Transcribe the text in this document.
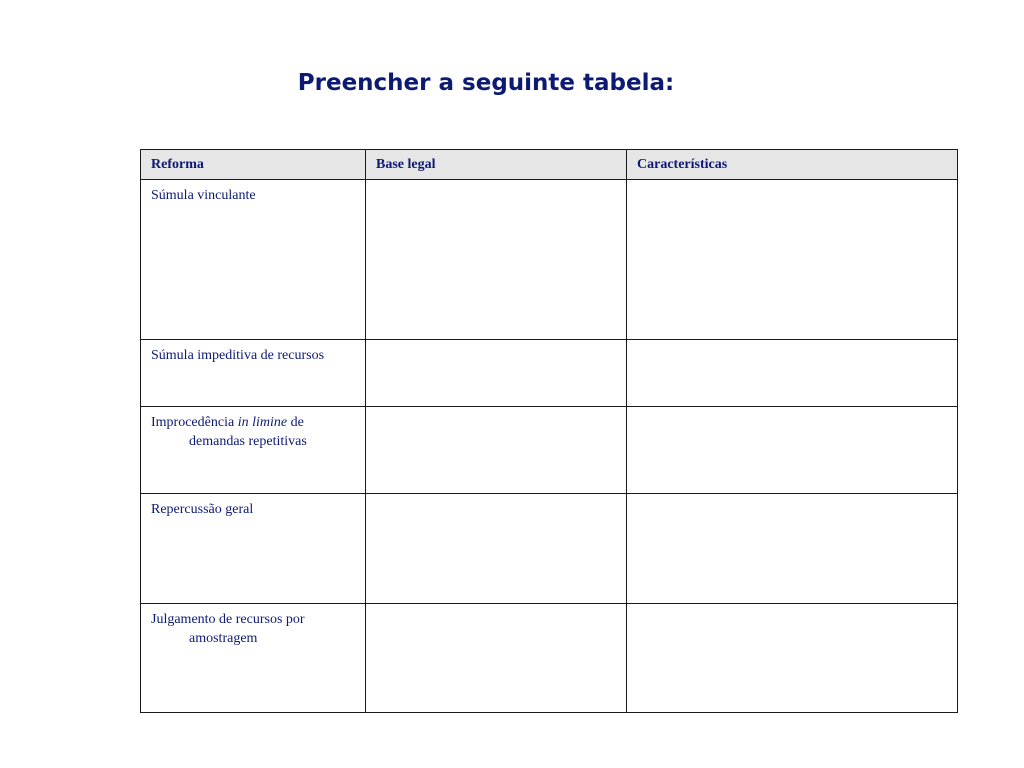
Preencher a seguinte tabela:
Reforma	Base legal	Características

Súmula vinculante		

Súmula impeditiva de recursos		

Improcedência in limine de demandas repetitivas		

Repercussão geral		

Julgamento de recursos por amostragem		
